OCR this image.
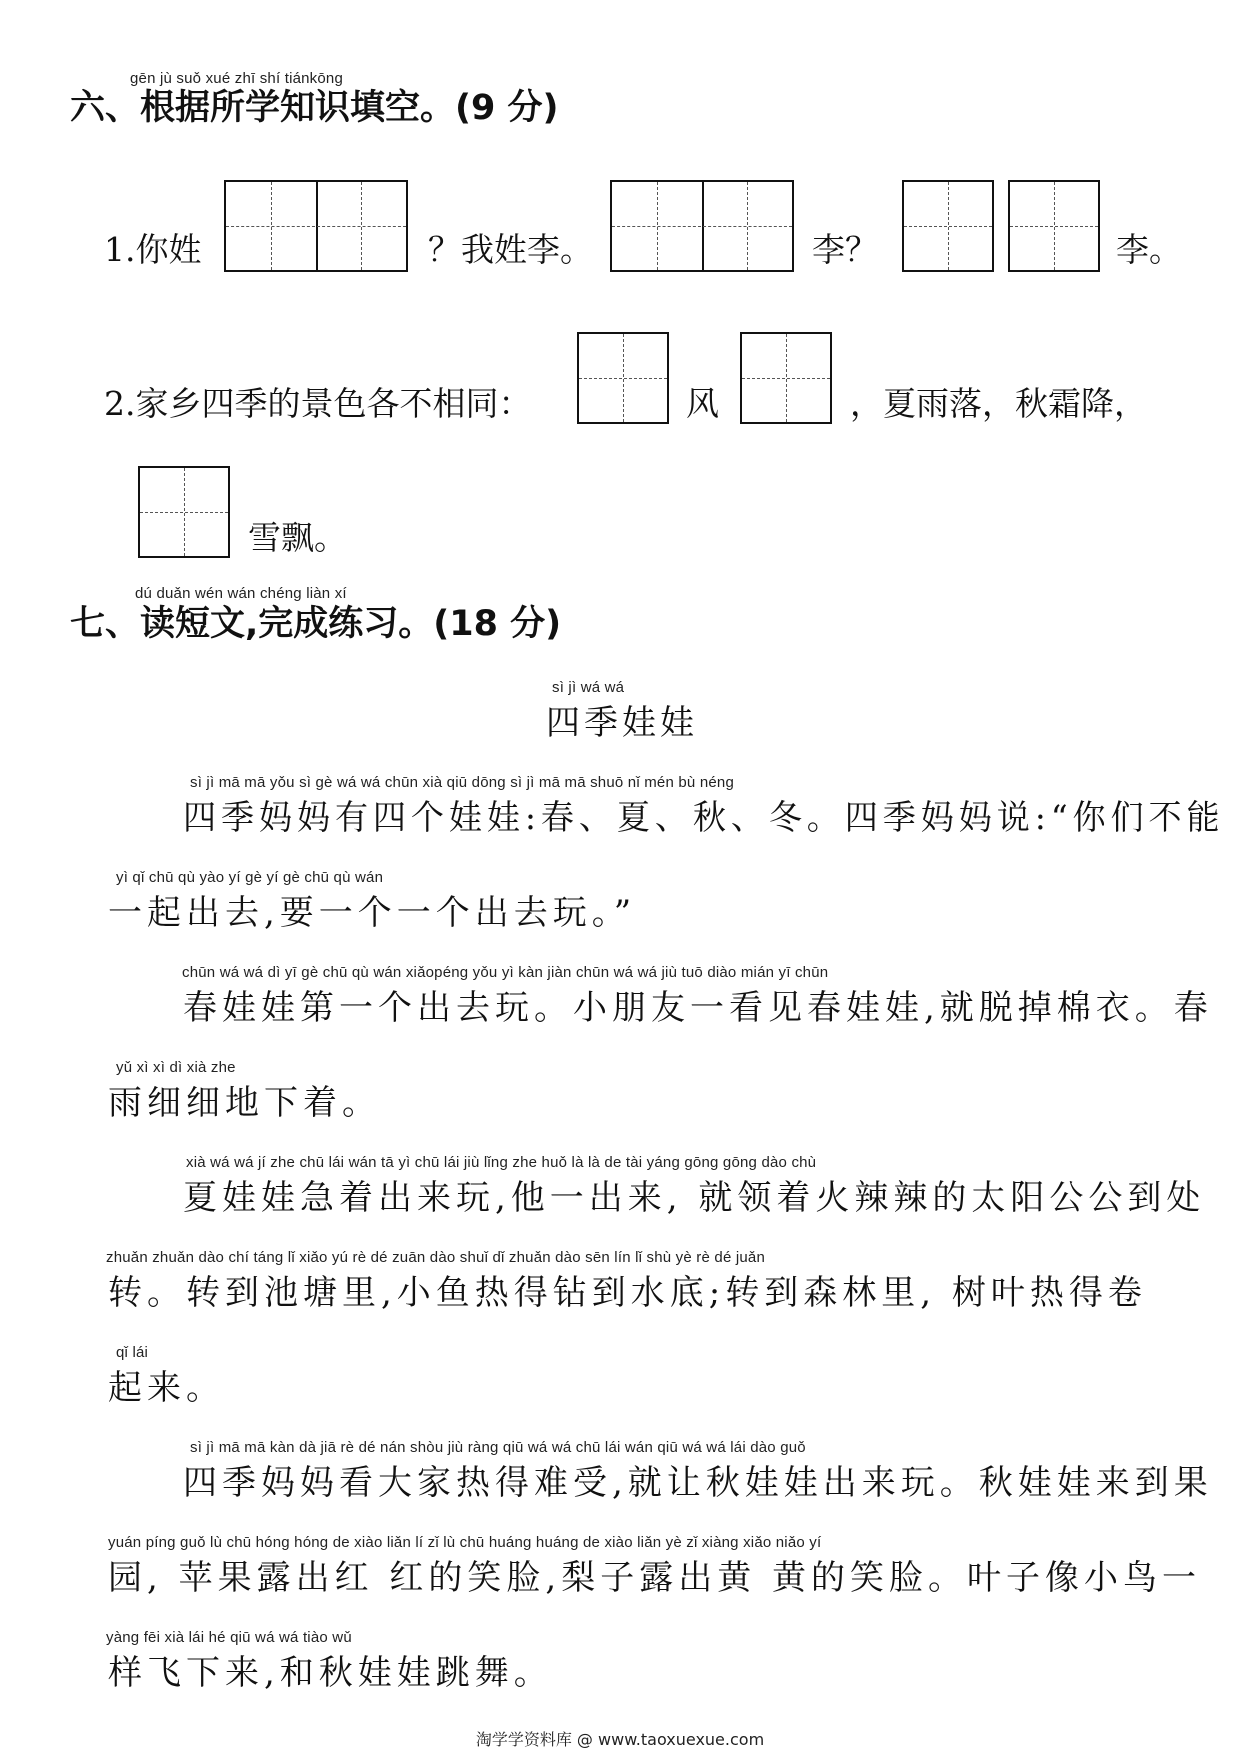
gēn jù suǒ xué zhī shí tiánkōng
六、根据所学知识填空。(9 分)
1.你姓	？我姓李。	李？	李。
2.家乡四季的景色各不相同：	风	，夏雨落，秋霜降，
雪飘。
dú duǎn wén wán chéng liàn xí
七、读短文,完成练习。(18 分)
sì jì wá wá
四季娃娃
sì jì mā mā yǒu sì gè wá wá chūn xià qiū dōng sì jì mā mā shuō nǐ mén bù néng
四季妈妈有四个娃娃:春、夏、秋、冬。四季妈妈说:“你们不能
yì qǐ chū qù yào yí gè yí gè chū qù wán
一起出去,要一个一个出去玩。”
chūn wá wá dì yī gè chū qù wán xiǎopéng yǒu yì kàn jiàn chūn wá wá jiù tuō diào mián yī chūn
春娃娃第一个出去玩。小朋友一看见春娃娃,就脱掉棉衣。春
yǔ xì xì dì xià zhe
雨细细地下着。
xià wá wá jí zhe chū lái wán tā yì chū lái jiù lǐng zhe huǒ là là de tài yáng gōng gōng dào chù
夏娃娃急着出来玩,他一出来, 就领着火辣辣的太阳公公到处
zhuǎn zhuǎn dào chí táng lǐ xiǎo yú rè dé zuān dào shuǐ dǐ zhuǎn dào sēn lín lǐ shù yè rè dé juǎn
转。转到池塘里,小鱼热得钻到水底;转到森林里, 树叶热得卷
qǐ lái
起来。
sì jì mā mā kàn dà jiā rè dé nán shòu jiù ràng qiū wá wá chū lái wán qiū wá wá lái dào guǒ
四季妈妈看大家热得难受,就让秋娃娃出来玩。秋娃娃来到果
yuán píng guǒ lù chū hóng hóng de xiào liǎn lí zǐ lù chū huáng huáng de xiào liǎn yè zǐ xiàng xiǎo niǎo yí
园, 苹果露出红 红的笑脸,梨子露出黄 黄的笑脸。叶子像小鸟一
yàng fēi xià lái hé qiū wá wá tiào wǔ
样飞下来,和秋娃娃跳舞。
淘学学资料库 @ www.taoxuexue.com
